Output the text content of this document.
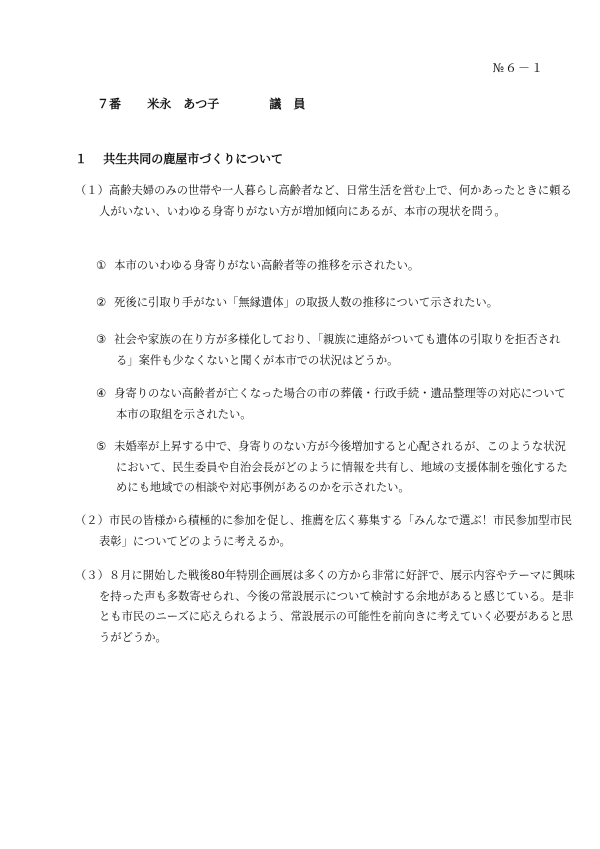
№６－１
７番 米永　あつ子	議　員
１ 共生共同の鹿屋市づくりについて

（１）高齢夫婦のみの世帯や一人暮らし高齢者など、日常生活を営む上で、何かあったときに頼る人がいない、いわゆる身寄りがない方が増加傾向にあるが、本市の現状を問う。

① 本市のいわゆる身寄りがない高齢者等の推移を示されたい。

② 死後に引取り手がない「無縁遺体」の取扱人数の推移について示されたい。

③ 社会や家族の在り方が多様化しており、「親族に連絡がついても遺体の引取りを拒否される」案件も少なくないと聞くが本市での状況はどうか。

④ 身寄りのない高齢者が亡くなった場合の市の葬儀・行政手続・遺品整理等の対応について本市の取組を示されたい。

⑤ 未婚率が上昇する中で、身寄りのない方が今後増加すると心配されるが、このような状況において、民生委員や自治会長がどのように情報を共有し、地域の支援体制を強化するためにも地域での相談や対応事例があるのかを示されたい。

（２）市民の皆様から積極的に参加を促し、推薦を広く募集する「みんなで選ぶ！市民参加型市民表彰」についてどのように考えるか。

（３）８月に開始した戦後80年特別企画展は多くの方から非常に好評で、展示内容やテーマに興味を持った声も多数寄せられ、今後の常設展示について検討する余地があると感じている。是非とも市民のニーズに応えられるよう、常設展示の可能性を前向きに考えていく必要があると思うがどうか。
